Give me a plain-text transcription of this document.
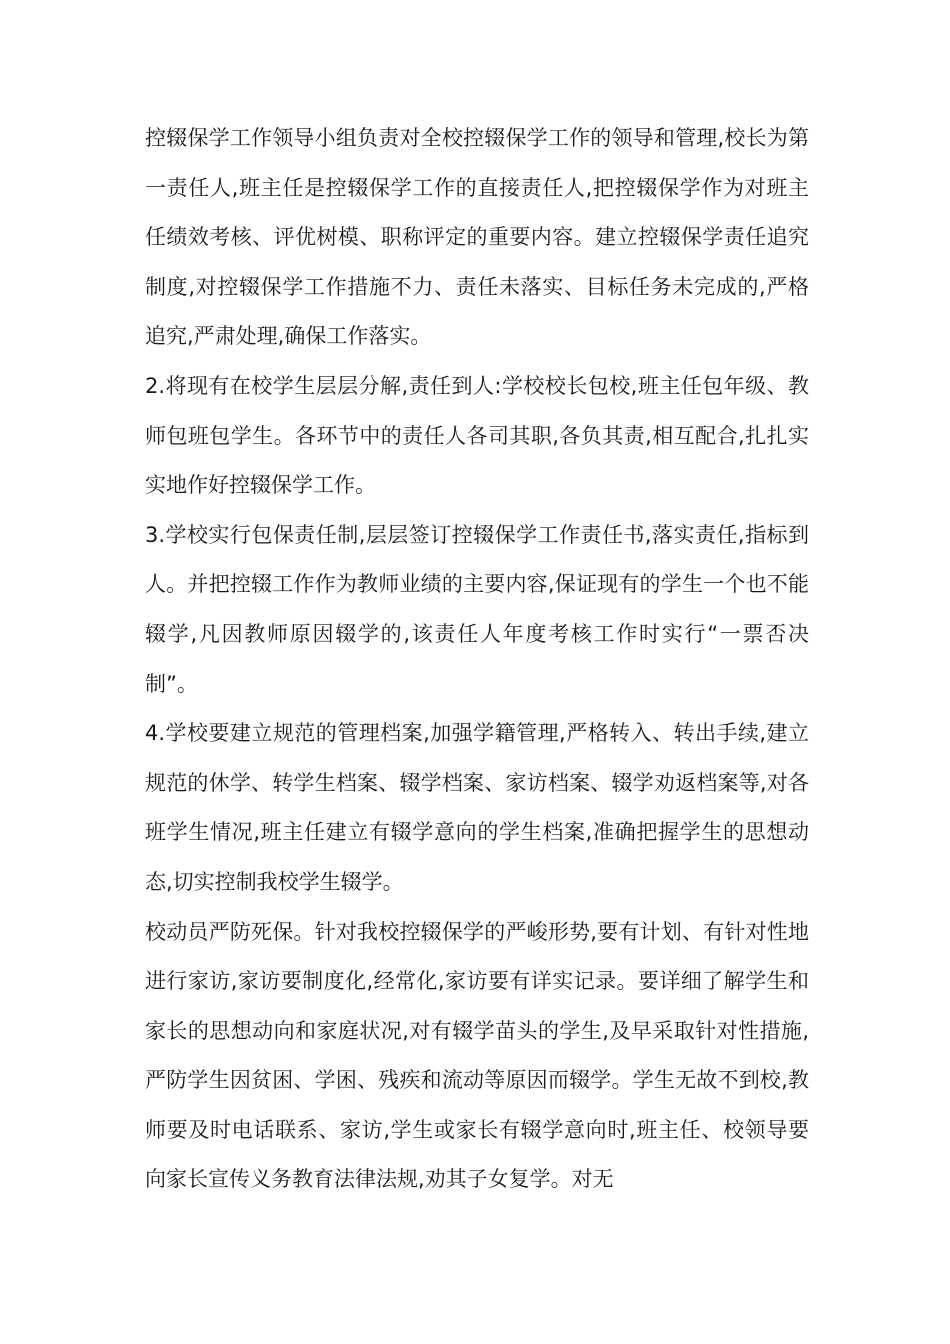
控辍保学工作领导小组负责对全校控辍保学工作的领导和管理,校长为第一责任人,班主任是控辍保学工作的直接责任人,把控辍保学作为对班主任绩效考核、评优树模、职称评定的重要内容。建立控辍保学责任追究制度,对控辍保学工作措施不力、责任未落实、目标任务未完成的,严格追究,严肃处理,确保工作落实。

2.将现有在校学生层层分解,责任到人:学校校长包校,班主任包年级、教师包班包学生。各环节中的责任人各司其职,各负其责,相互配合,扎扎实实地作好控辍保学工作。

3.学校实行包保责任制,层层签订控辍保学工作责任书,落实责任,指标到人。并把控辍工作作为教师业绩的主要内容,保证现有的学生一个也不能辍学,凡因教师原因辍学的,该责任人年度考核工作时实行“一票否决制”。

4.学校要建立规范的管理档案,加强学籍管理,严格转入、转出手续,建立规范的休学、转学生档案、辍学档案、家访档案、辍学劝返档案等,对各班学生情况,班主任建立有辍学意向的学生档案,准确把握学生的思想动态,切实控制我校学生辍学。

校动员严防死保。针对我校控辍保学的严峻形势,要有计划、有针对性地进行家访,家访要制度化,经常化,家访要有详实记录。要详细了解学生和家长的思想动向和家庭状况,对有辍学苗头的学生,及早采取针对性措施,严防学生因贫困、学困、残疾和流动等原因而辍学。学生无故不到校,教师要及时电话联系、家访,学生或家长有辍学意向时,班主任、校领导要向家长宣传义务教育法律法规,劝其子女复学。对无
